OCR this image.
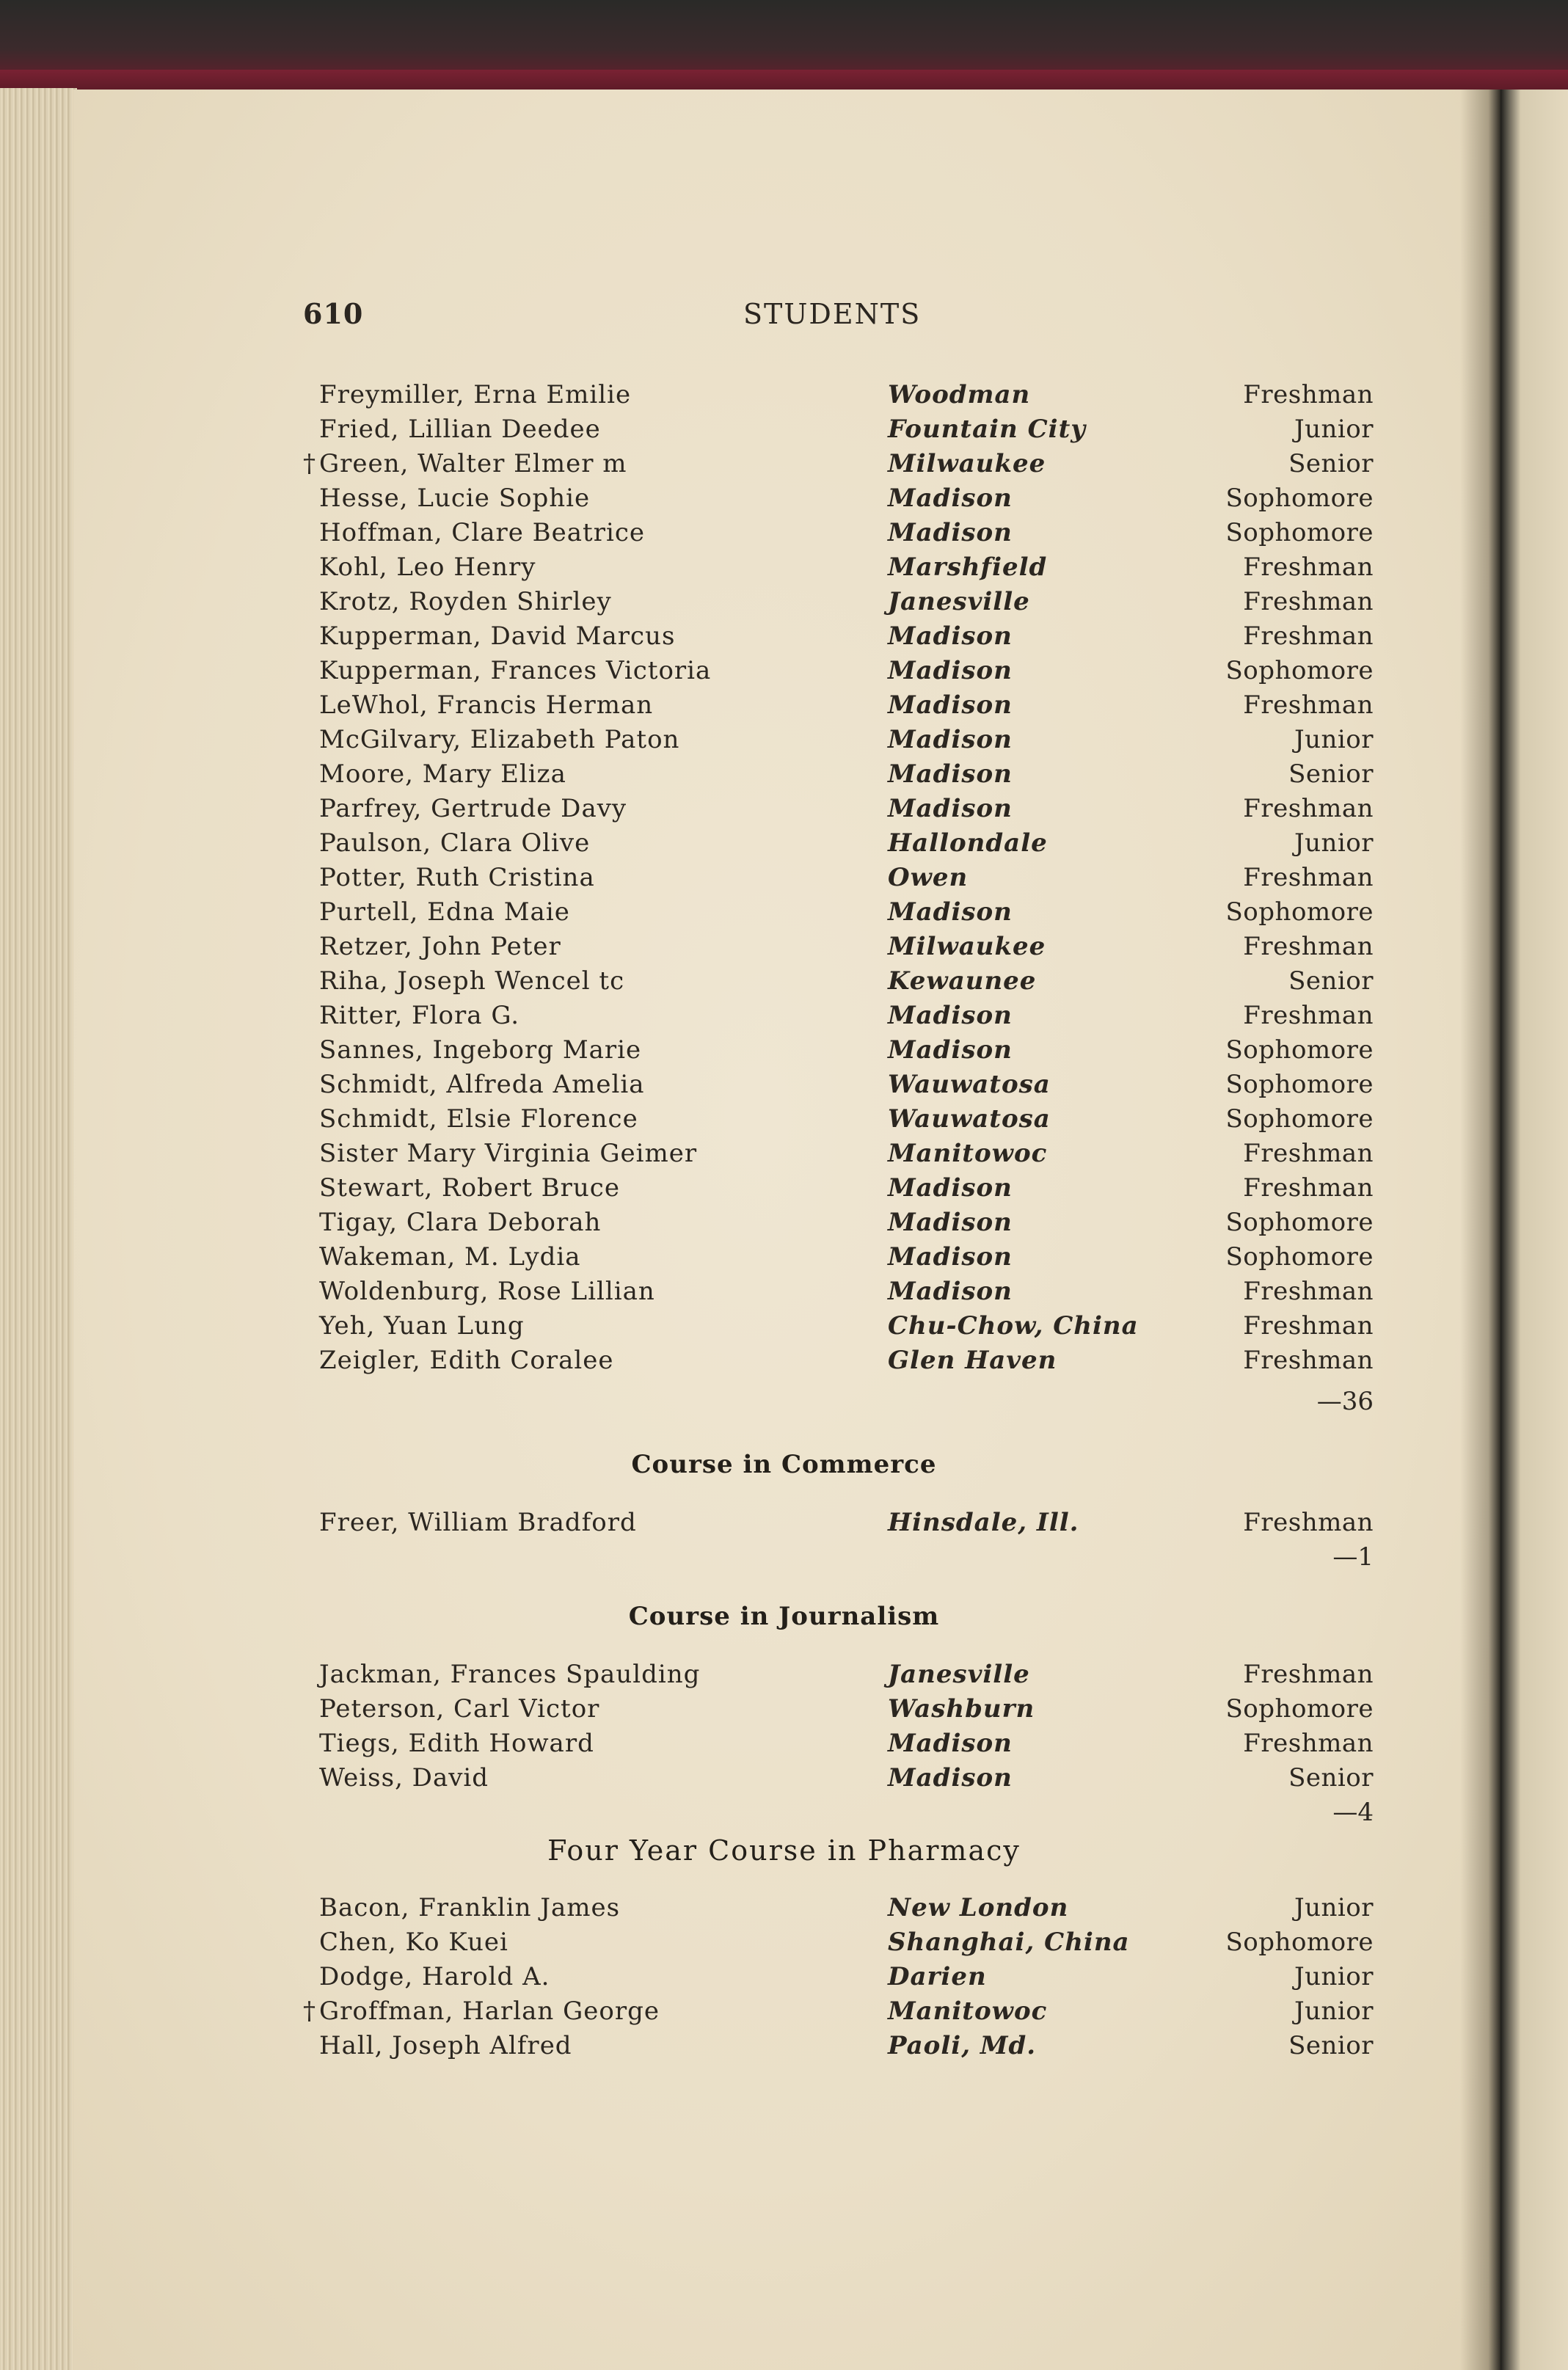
610	STUDENTS
Freymiller, Erna Emilie	Woodman	Freshman
Fried, Lillian Deedee	Fountain City	Junior
† Green, Walter Elmer m	Milwaukee	Senior
Hesse, Lucie Sophie	Madison	Sophomore
Hoffman, Clare Beatrice	Madison	Sophomore
Kohl, Leo Henry	Marshfield	Freshman
Krotz, Royden Shirley	Janesville	Freshman
Kupperman, David Marcus	Madison	Freshman
Kupperman, Frances Victoria	Madison	Sophomore
LeWhol, Francis Herman	Madison	Freshman
McGilvary, Elizabeth Paton	Madison	Junior
Moore, Mary Eliza	Madison	Senior
Parfrey, Gertrude Davy	Madison	Freshman
Paulson, Clara Olive	Hallondale	Junior
Potter, Ruth Cristina	Owen	Freshman
Purtell, Edna Maie	Madison	Sophomore
Retzer, John Peter	Milwaukee	Freshman
Riha, Joseph Wencel tc	Kewaunee	Senior
Ritter, Flora G.	Madison	Freshman
Sannes, Ingeborg Marie	Madison	Sophomore
Schmidt, Alfreda Amelia	Wauwatosa	Sophomore
Schmidt, Elsie Florence	Wauwatosa	Sophomore
Sister Mary Virginia Geimer	Manitowoc	Freshman
Stewart, Robert Bruce	Madison	Freshman
Tigay, Clara Deborah	Madison	Sophomore
Wakeman, M. Lydia	Madison	Sophomore
Woldenburg, Rose Lillian	Madison	Freshman
Yeh, Yuan Lung	Chu-Chow, China	Freshman
Zeigler, Edith Coralee	Glen Haven	Freshman
—36
Course in Commerce
Freer, William Bradford	Hinsdale, Ill.	Freshman
—1
Course in Journalism
Jackman, Frances Spaulding	Janesville	Freshman
Peterson, Carl Victor	Washburn	Sophomore
Tiegs, Edith Howard	Madison	Freshman
Weiss, David	Madison	Senior
—4
Four Year Course in Pharmacy
Bacon, Franklin James	New London	Junior
Chen, Ko Kuei	Shanghai, China	Sophomore
Dodge, Harold A.	Darien	Junior
† Groffman, Harlan George	Manitowoc	Junior
Hall, Joseph Alfred	Paoli, Md.	Senior
